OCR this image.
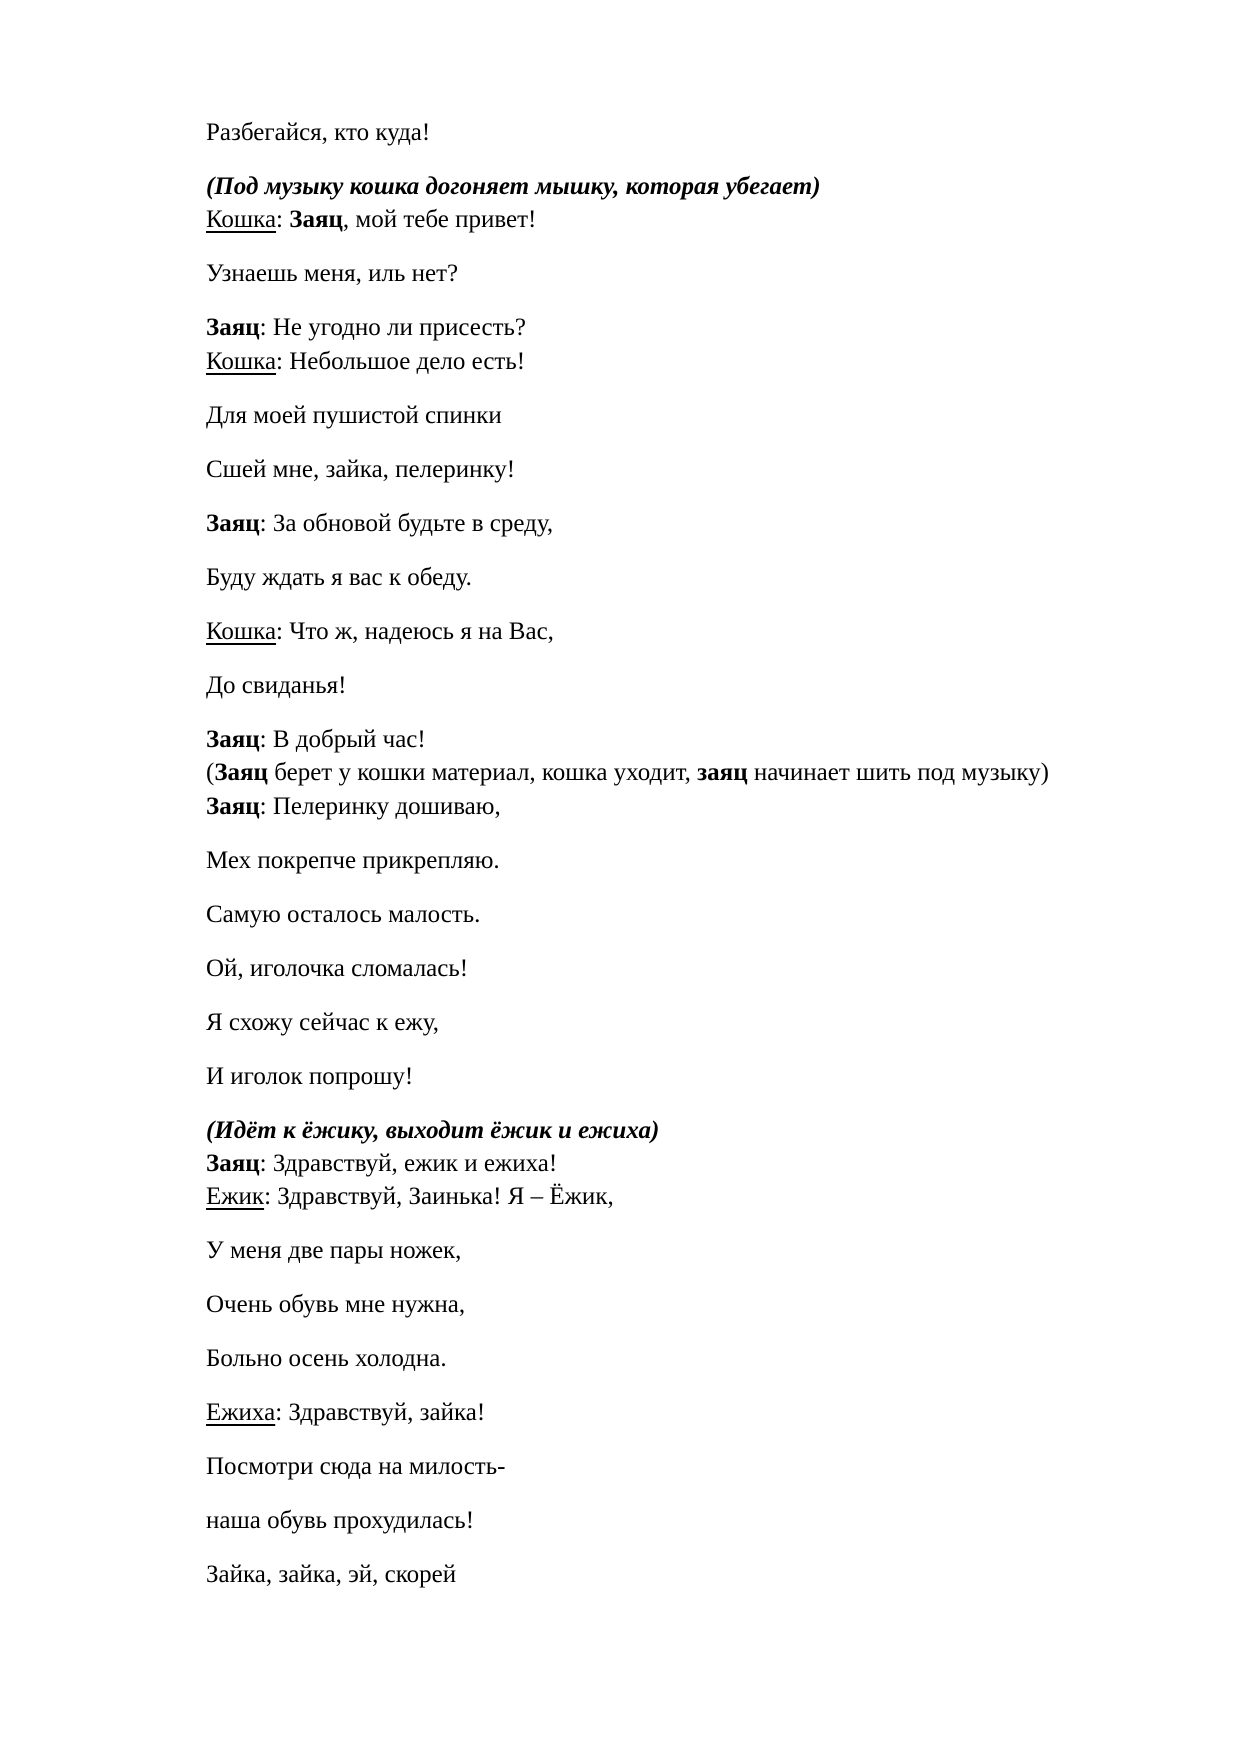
Разбегайся, кто куда!

(Под музыку кошка догоняет мышку, которая убегает)
Кошка: Заяц, мой тебе привет!

Узнаешь меня, иль нет?

Заяц: Не угодно ли присесть?
Кошка: Небольшое дело есть!

Для моей пушистой спинки

Сшей мне, зайка, пелеринку!

Заяц: За обновой будьте в среду,

Буду ждать я вас к обеду.

Кошка: Что ж, надеюсь я на Вас,

До свиданья!

Заяц: В добрый час!
(Заяц берет у кошки материал, кошка уходит, заяц начинает шить под музыку)
Заяц: Пелеринку дошиваю,

Мех покрепче прикрепляю.

Самую осталось малость.

Ой, иголочка сломалась!

Я схожу сейчас к ежу,

И иголок попрошу!

(Идёт к ёжику, выходит ёжик и ежиха)
Заяц: Здравствуй, ежик и ежиха!
Ежик: Здравствуй, Заинька! Я – Ёжик,

У меня две пары ножек,

Очень обувь мне нужна,

Больно осень холодна.

Ежиха: Здравствуй, зайка!

Посмотри сюда на милость-

наша обувь прохудилась!

Зайка, зайка, эй, скорей
